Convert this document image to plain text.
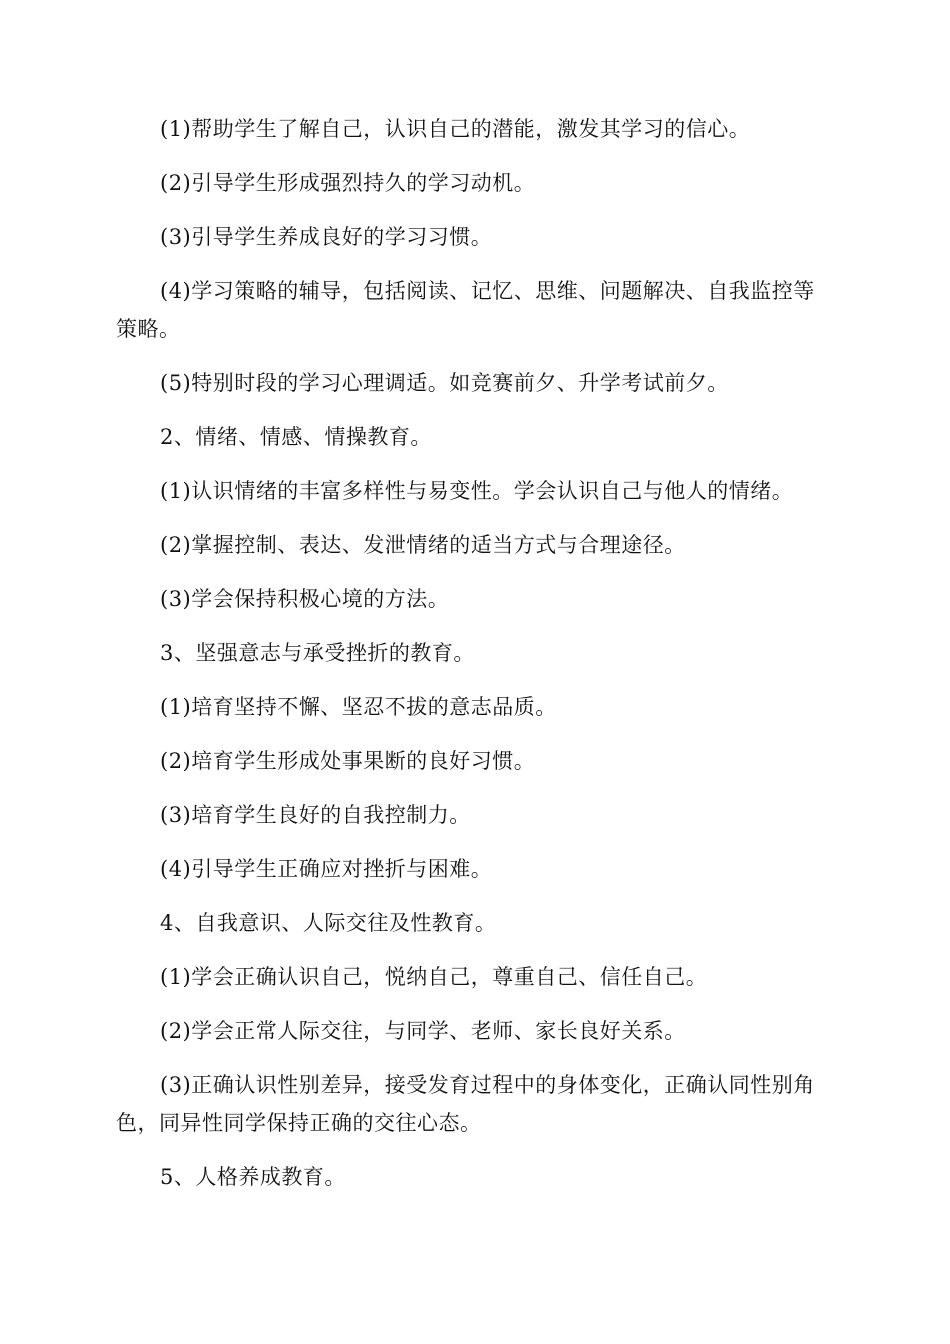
(1)帮助学生了解自己，认识自己的潜能，激发其学习的信心。

(2)引导学生形成强烈持久的学习动机。

(3)引导学生养成良好的学习习惯。

(4)学习策略的辅导，包括阅读、记忆、思维、问题解决、自我监控等策略。

(5)特别时段的学习心理调适。如竞赛前夕、升学考试前夕。

2、情绪、情感、情操教育。

(1)认识情绪的丰富多样性与易变性。学会认识自己与他人的情绪。

(2)掌握控制、表达、发泄情绪的适当方式与合理途径。

(3)学会保持积极心境的方法。

3、坚强意志与承受挫折的教育。

(1)培育坚持不懈、坚忍不拔的意志品质。

(2)培育学生形成处事果断的良好习惯。

(3)培育学生良好的自我控制力。

(4)引导学生正确应对挫折与困难。

4、自我意识、人际交往及性教育。

(1)学会正确认识自己，悦纳自己，尊重自己、信任自己。

(2)学会正常人际交往，与同学、老师、家长良好关系。

(3)正确认识性别差异，接受发育过程中的身体变化，正确认同性别角色，同异性同学保持正确的交往心态。

5、人格养成教育。
